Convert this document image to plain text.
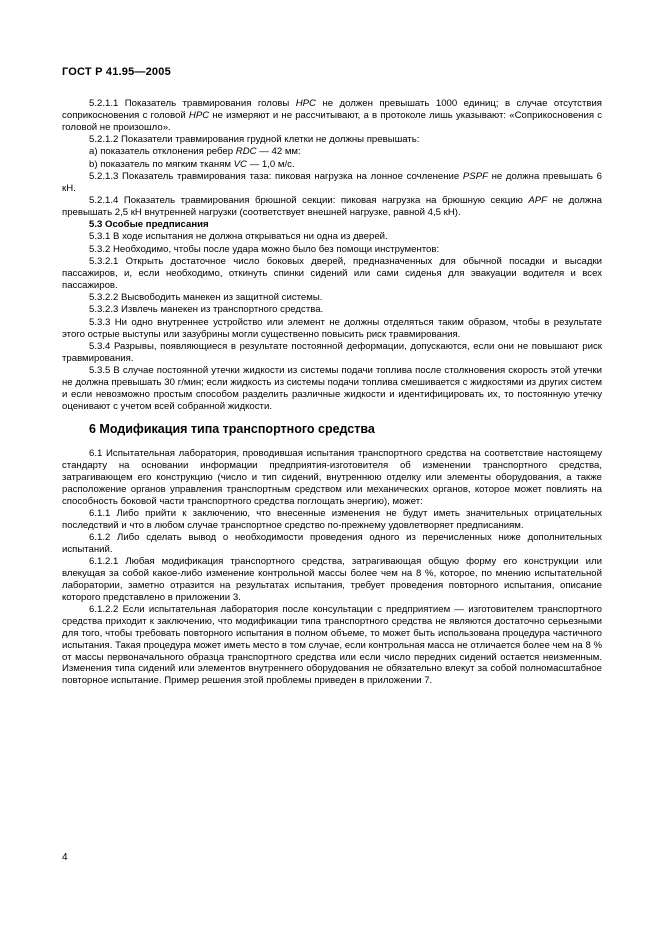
ГОСТ Р 41.95—2005

5.2.1.1 Показатель травмирования головы HPC не должен превышать 1000 единиц; в случае отсутствия соприкосновения с головой HPC не измеряют и не рассчитывают, а в протоколе лишь указывают: «Соприкосновения с головой не произошло».

5.2.1.2 Показатели травмирования грудной клетки не должны превышать:

a) показатель отклонения ребер RDC — 42 мм:

b) показатель по мягким тканям VC — 1,0 м/с.

5.2.1.3 Показатель травмирования таза: пиковая нагрузка на лонное сочленение PSPF не должна превышать 6 кН.

5.2.1.4 Показатель травмирования брюшной секции: пиковая нагрузка на брюшную секцию APF не должна превышать 2,5 кН внутренней нагрузки (соответствует внешней нагрузке, равной 4,5 кН).

5.3 Особые предписания

5.3.1 В ходе испытания не должна открываться ни одна из дверей.

5.3.2 Необходимо, чтобы после удара можно было без помощи инструментов:

5.3.2.1 Открыть достаточное число боковых дверей, предназначенных для обычной посадки и высадки пассажиров, и, если необходимо, откинуть спинки сидений или сами сиденья для эвакуации водителя и всех пассажиров.

5.3.2.2 Высвободить манекен из защитной системы.

5.3.2.3 Извлечь манекен из транспортного средства.

5.3.3 Ни одно внутреннее устройство или элемент не должны отделяться таким образом, чтобы в результате этого острые выступы или зазубрины могли существенно повысить риск травмирования.

5.3.4 Разрывы, появляющиеся в результате постоянной деформации, допускаются, если они не повышают риск травмирования.

5.3.5 В случае постоянной утечки жидкости из системы подачи топлива после столкновения скорость этой утечки не должна превышать 30 г/мин; если жидкость из системы подачи топлива смешивается с жидкостями из других систем и если невозможно простым способом разделить различные жидкости и идентифицировать их, то постоянную утечку оценивают с учетом всей собранной жидкости.

6 Модификация типа транспортного средства

6.1 Испытательная лаборатория, проводившая испытания транспортного средства на соответствие настоящему стандарту на основании информации предприятия-изготовителя об изменении транспортного средства, затрагивающем его конструкцию (число и тип сидений, внутреннюю отделку или элементы оборудования, а также расположение органов управления транспортным средством или механических органов, которое может повлиять на способность боковой части транспортного средства поглощать энергию), может:

6.1.1 Либо прийти к заключению, что внесенные изменения не будут иметь значительных отрицательных последствий и что в любом случае транспортное средство по-прежнему удовлетворяет предписаниям.

6.1.2 Либо сделать вывод о необходимости проведения одного из перечисленных ниже дополнительных испытаний.

6.1.2.1 Любая модификация транспортного средства, затрагивающая общую форму его конструкции или влекущая за собой какое-либо изменение контрольной массы более чем на 8 %, которое, по мнению испытательной лаборатории, заметно отразится на результатах испытания, требует проведения повторного испытания, описание которого представлено в приложении 3.

6.1.2.2 Если испытательная лаборатория после консультации с предприятием — изготовителем транспортного средства приходит к заключению, что модификации типа транспортного средства не являются достаточно серьезными для того, чтобы требовать повторного испытания в полном объеме, то может быть использована процедура частичного испытания. Такая процедура может иметь место в том случае, если контрольная масса не отличается более чем на 8 % от массы первоначального образца транспортного средства или если число передних сидений остается неизменным. Изменения типа сидений или элементов внутреннего оборудования не обязательно влекут за собой полномасштабное повторное испытание. Пример решения этой проблемы приведен в приложении 7.

4
